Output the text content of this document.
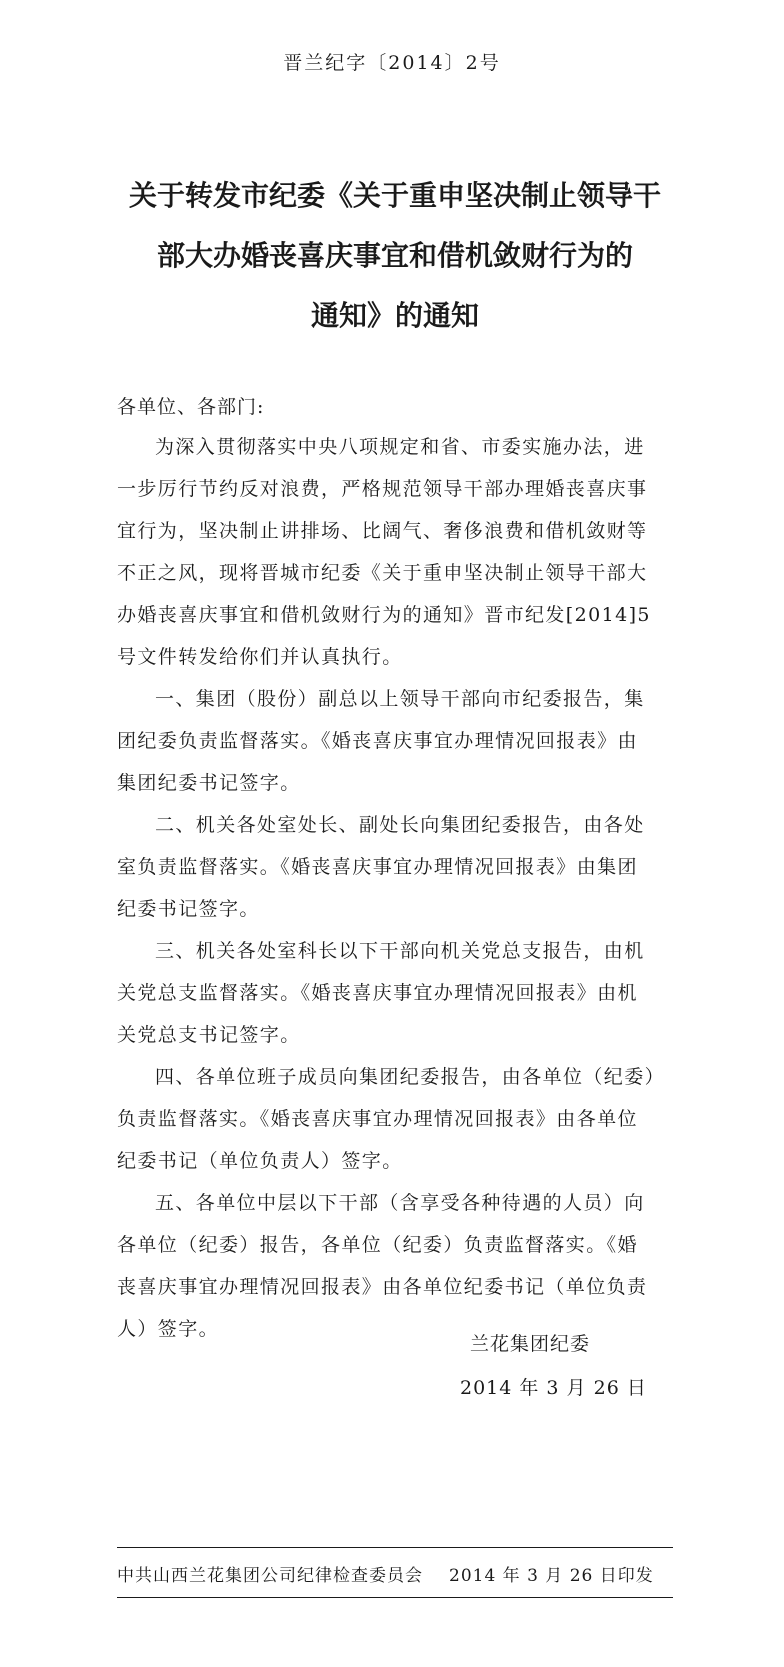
晋兰纪字〔2014〕2号
关于转发市纪委《关于重申坚决制止领导干
部大办婚丧喜庆事宜和借机敛财行为的
通知》的通知
各单位、各部门:

为深入贯彻落实中央八项规定和省、市委实施办法，进
一步厉行节约反对浪费，严格规范领导干部办理婚丧喜庆事
宜行为，坚决制止讲排场、比阔气、奢侈浪费和借机敛财等
不正之风，现将晋城市纪委《关于重申坚决制止领导干部大
办婚丧喜庆事宜和借机敛财行为的通知》晋市纪发[2014]5
号文件转发给你们并认真执行。

一、集团（股份）副总以上领导干部向市纪委报告，集
团纪委负责监督落实。《婚丧喜庆事宜办理情况回报表》由
集团纪委书记签字。

二、机关各处室处长、副处长向集团纪委报告，由各处
室负责监督落实。《婚丧喜庆事宜办理情况回报表》由集团
纪委书记签字。

三、机关各处室科长以下干部向机关党总支报告，由机
关党总支监督落实。《婚丧喜庆事宜办理情况回报表》由机
关党总支书记签字。

四、各单位班子成员向集团纪委报告，由各单位（纪委）
负责监督落实。《婚丧喜庆事宜办理情况回报表》由各单位
纪委书记（单位负责人）签字。

五、各单位中层以下干部（含享受各种待遇的人员）向
各单位（纪委）报告，各单位（纪委）负责监督落实。《婚
丧喜庆事宜办理情况回报表》由各单位纪委书记（单位负责
人）签字。

兰花集团纪委
2014 年 3 月 26 日
中共山西兰花集团公司纪律检查委员会 2014 年 3 月 26 日印发
